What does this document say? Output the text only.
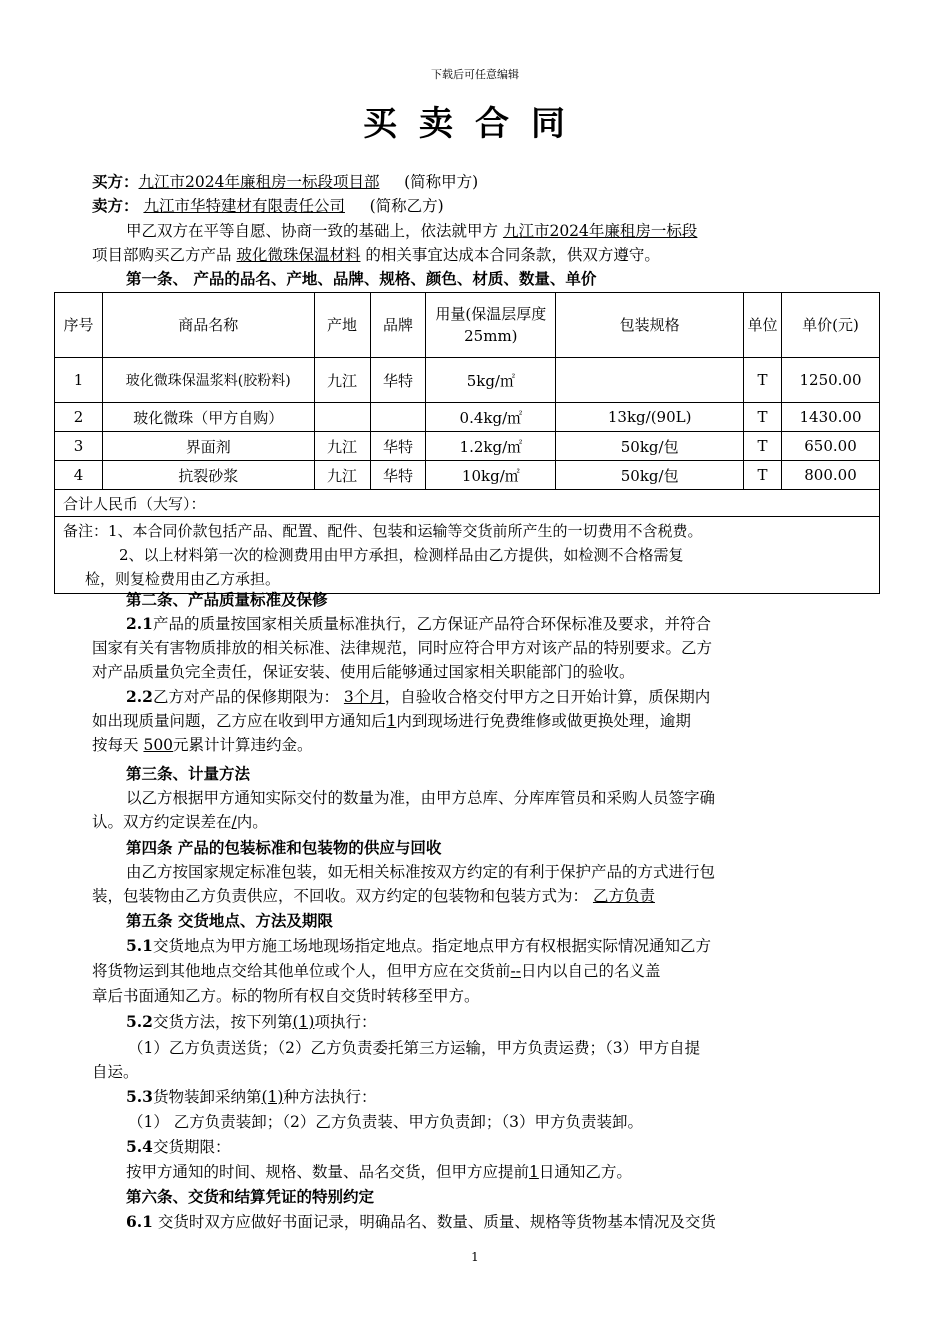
下载后可任意编辑
买卖合同
买方：九江市2024年廉租房一标段项目部 (简称甲方)
卖方： 九江市华特建材有限责任公司 (简称乙方)
甲乙双方在平等自愿、协商一致的基础上，依法就甲方 九江市2024年廉租房一标段
项目部购买乙方产品 玻化微珠保温材料 的相关事宜达成本合同条款，供双方遵守。
第一条、 产品的品名、产地、品牌、规格、颜色、材质、数量、单价
序号	商品名称	产地	品牌	用量(保温层厚度25mm)	包装规格	单位	单价(元)
1	玻化微珠保温浆料(胶粉料)	九江	华特	5kg/㎡		T	1250.00
2	玻化微珠（甲方自购）			0.4kg/㎡	13kg/(90L)	T	1430.00
3	界面剂	九江	华特	1.2kg/㎡	50kg/包	T	650.00
4	抗裂砂浆	九江	华特	10kg/㎡	50kg/包	T	800.00
合计人民币（大写）：							

备注：1、本合同价款包括产品、配置、配件、包装和运输等交货前所产生的一切费用不含税费。
2、以上材料第一次的检测费用由甲方承担，检测样品由乙方提供，如检测不合格需复
检，则复检费用由乙方承担。							
第二条、产品质量标准及保修
2.1产品的质量按国家相关质量标准执行，乙方保证产品符合环保标准及要求，并符合
国家有关有害物质排放的相关标准、法律规范，同时应符合甲方对该产品的特别要求。乙方
对产品质量负完全责任，保证安装、使用后能够通过国家相关职能部门的验收。
2.2乙方对产品的保修期限为： 3个月，自验收合格交付甲方之日开始计算，质保期内
如出现质量问题，乙方应在收到甲方通知后1内到现场进行免费维修或做更换处理，逾期
按每天 500元累计计算违约金。
第三条、计量方法
以乙方根据甲方通知实际交付的数量为准，由甲方总库、分库库管员和采购人员签字确
认。双方约定误差在/内。
第四条 产品的包装标准和包装物的供应与回收
由乙方按国家规定标准包装，如无相关标准按双方约定的有利于保护产品的方式进行包
装，包装物由乙方负责供应，不回收。双方约定的包装物和包装方式为： 乙方负责
第五条 交货地点、方法及期限
5.1交货地点为甲方施工场地现场指定地点。指定地点甲方有权根据实际情况通知乙方
将货物运到其他地点交给其他单位或个人，但甲方应在交货前--日内以自己的名义盖
章后书面通知乙方。标的物所有权自交货时转移至甲方。
5.2交货方法，按下列第(1)项执行：
（1）乙方负责送货；（2）乙方负责委托第三方运输，甲方负责运费；（3）甲方自提
自运。
5.3货物装卸采纳第(1)种方法执行：
（1） 乙方负责装卸；（2）乙方负责装、甲方负责卸；（3）甲方负责装卸。
5.4交货期限：
按甲方通知的时间、规格、数量、品名交货，但甲方应提前1日通知乙方。
第六条、交货和结算凭证的特别约定
6.1 交货时双方应做好书面记录，明确品名、数量、质量、规格等货物基本情况及交货
1
